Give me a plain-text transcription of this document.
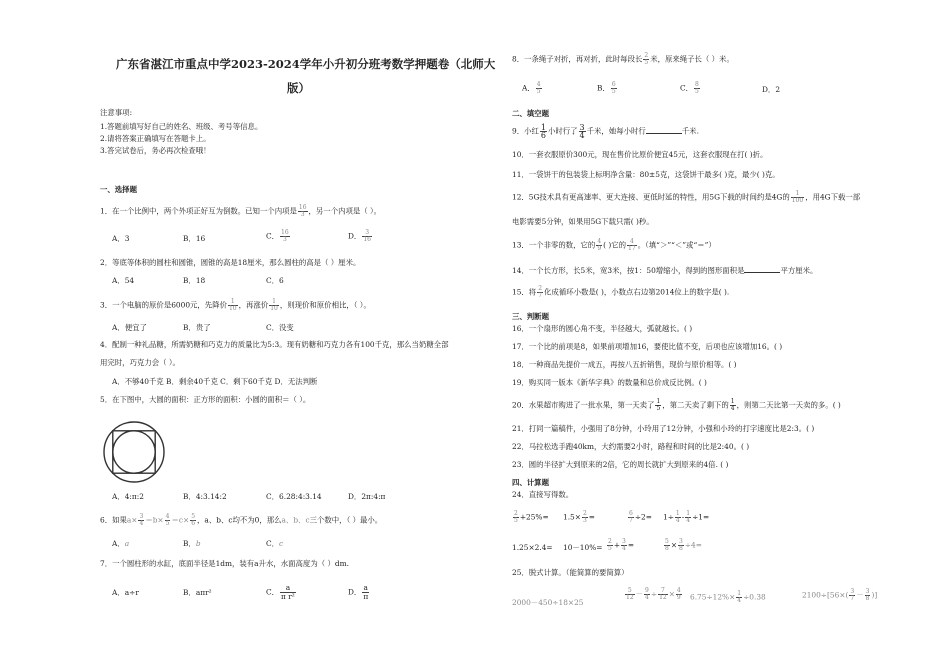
广东省湛江市重点中学2023-2024学年小升初分班考数学押题卷（北师大
版）
注意事项:
1.答题前填写好自己的姓名、班级、考号等信息。
2.请将答案正确填写在答题卡上。
3.答完试卷后，务必再次检查哦！
一、选择题
1．在一个比例中，两个外项正好互为倒数。已知一个内项是 $\frac{16}{3}$ ，另一个内项是（ ）。
A．3	B．16	C． $\frac{16}{3}$	D． $\frac{3}{16}$
2．等底等体积的圆柱和圆锥，圆锥的高是18厘米，那么圆柱的高是（ ）厘米。
A．54	B．18	C．6
3．一个电脑的原价是6000元，先降价 $\frac{1}{10}$ ，再涨价 $\frac{1}{10}$ ，则现价和原价相比，（ ）。
A．便宜了	B．贵了	C．没变
4．配制一种礼品糖，所需奶糖和巧克力的质量比为5:3。现有奶糖和巧克力各有100千克，那么当奶糖全部
用完时，巧克力会（ ）。
A．不够40千克 B．剩余40千克 C．剩下60千克 D．无法判断
5．在下图中，大圆的面积：正方形的面积：小圆的面积＝（ ）。
A．4:π:2	B．4:3.14:2	C．6.28:4:3.14	D．2π:4:π
6．如果$a\times \frac{3}{4} =b\times \frac{4}{5} =c\times \frac{5}{6}$ ，a、b、c均不为0，那么a、b、c三个数中，（ ）最小。
A．a	B．b	C．c
7．一个圆柱形的水缸，底面半径是1dm，装有a升水，水面高度为（ ）dm.
A．a÷r	B．aπr²	C． $\frac{a}{\text{π r²}}$	D． $\frac{a}{\pi}$
8．一条绳子对折，再对折，此时每段长 $\frac{2}{5}$ 米，原来绳子长（ ）米。
A． $\frac{4}{5}$	B． $\frac{6}{5}$	C． $\frac{8}{5}$	D．2
二、填空题
9．小红 $\frac{1}{6}$ 小时行了 $\frac{3}{4}$ 千米，她每小时行	千米.
10．一套衣服原价300元，现在售价比原价便宜45元，这套衣服现在打( )折。
11．一袋饼干的包装袋上标明净含量：80±5克，这袋饼干最多( )克，最少( )克。
12．5G技术具有更高速率、更大连接、更低时延的特性，用5G下载的时间约是4G的 $\frac{1}{100}$ ，用4G下载一部
电影需要5分钟，如果用5G下载只需( )秒。
13．一个非零的数，它的 $\frac{4}{9}$ ( )它的 $\frac{4}{17}$ 。（填“＞”“＜”或“＝”）
14．一个长方形，长5米，宽3米，按1：50增缩小，得到的图形面积是	平方厘米。
15．将 $\frac{2}{7}$ 化成循环小数是( )，小数点右边第2014位上的数字是( ).
三、判断题
16．一个扇形的圆心角不变，半径越大，弧就越长。( )
17．一个比的前项是8，如果前项增加16，要使比值不变，后项也应该增加16。( )
18．一种商品先提价一成五，再按八五折销售，现价与原价相等。( )
19．购买同一版本《新华字典》的数量和总价成反比例。( )
20．水果超市购进了一批水果，第一天卖了 $\frac{1}{5}$ ，第二天卖了剩下的 $\frac{1}{4}$ ，则第二天比第一天卖的多。( )
21．打同一篇稿件，小强用了8分钟，小玲用了12分钟，小强和小玲的打字速度比是2:3。( )
22．马拉松选手跑40km，大约需要2小时，路程和时间的比是2:40。( )
23．圆的半径扩大到原来的2倍，它的周长就扩大到原来的4倍. ( )
四、计算题
24．直接写得数。
$\frac{2}{5} +25\%= 1.5\times \frac{2}{3}$ =	$\frac{6}{7} \div 2= 1\div \frac{1}{4} - \frac{1}{4} \div 1=$
$1.25\times 2.4= 10-10\%= \frac{2}{5} + \frac{3}{4}$ =	$\frac{5}{8} \times \frac{3}{8} \div 4=$
25．脱式计算。（能简算的要简算）
2000－450÷18×25
$\frac{5}{12} - \frac{9}{4} \div \frac{7}{12} \times \frac{4}{9} 6.75\div 12\%\times \frac{1}{4} \div 0.38$	$2100\div[56\times( \frac{3}{7} - \frac{3}{8}$ )]
